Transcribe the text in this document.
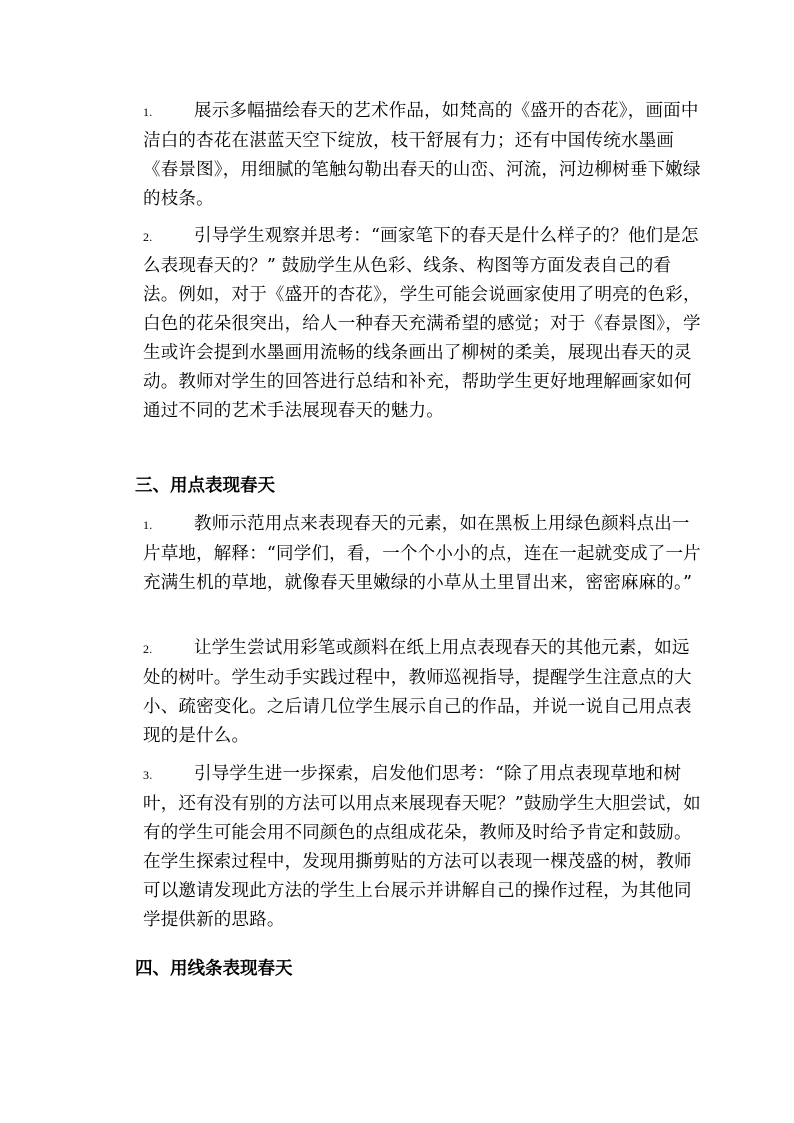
1. 展示多幅描绘春天的艺术作品，如梵高的《盛开的杏花》，画面中洁白的杏花在湛蓝天空下绽放，枝干舒展有力；还有中国传统水墨画《春景图》，用细腻的笔触勾勒出春天的山峦、河流，河边柳树垂下嫩绿的枝条。

2. 引导学生观察并思考：“画家笔下的春天是什么样子的？他们是怎么表现春天的？” 鼓励学生从色彩、线条、构图等方面发表自己的看法。例如，对于《盛开的杏花》，学生可能会说画家使用了明亮的色彩，白色的花朵很突出，给人一种春天充满希望的感觉；对于《春景图》，学生或许会提到水墨画用流畅的线条画出了柳树的柔美，展现出春天的灵动。教师对学生的回答进行总结和补充，帮助学生更好地理解画家如何通过不同的艺术手法展现春天的魅力。

三、用点表现春天

1. 教师示范用点来表现春天的元素，如在黑板上用绿色颜料点出一片草地，解释：“同学们，看，一个个小小的点，连在一起就变成了一片充满生机的草地，就像春天里嫩绿的小草从土里冒出来，密密麻麻的。”

2. 让学生尝试用彩笔或颜料在纸上用点表现春天的其他元素，如远处的树叶。学生动手实践过程中，教师巡视指导，提醒学生注意点的大小、疏密变化。之后请几位学生展示自己的作品，并说一说自己用点表现的是什么。

3. 引导学生进一步探索，启发他们思考：“除了用点表现草地和树叶，还有没有别的方法可以用点来展现春天呢？”鼓励学生大胆尝试，如有的学生可能会用不同颜色的点组成花朵，教师及时给予肯定和鼓励。在学生探索过程中，发现用撕剪贴的方法可以表现一棵茂盛的树，教师可以邀请发现此方法的学生上台展示并讲解自己的操作过程，为其他同学提供新的思路。

四、用线条表现春天
